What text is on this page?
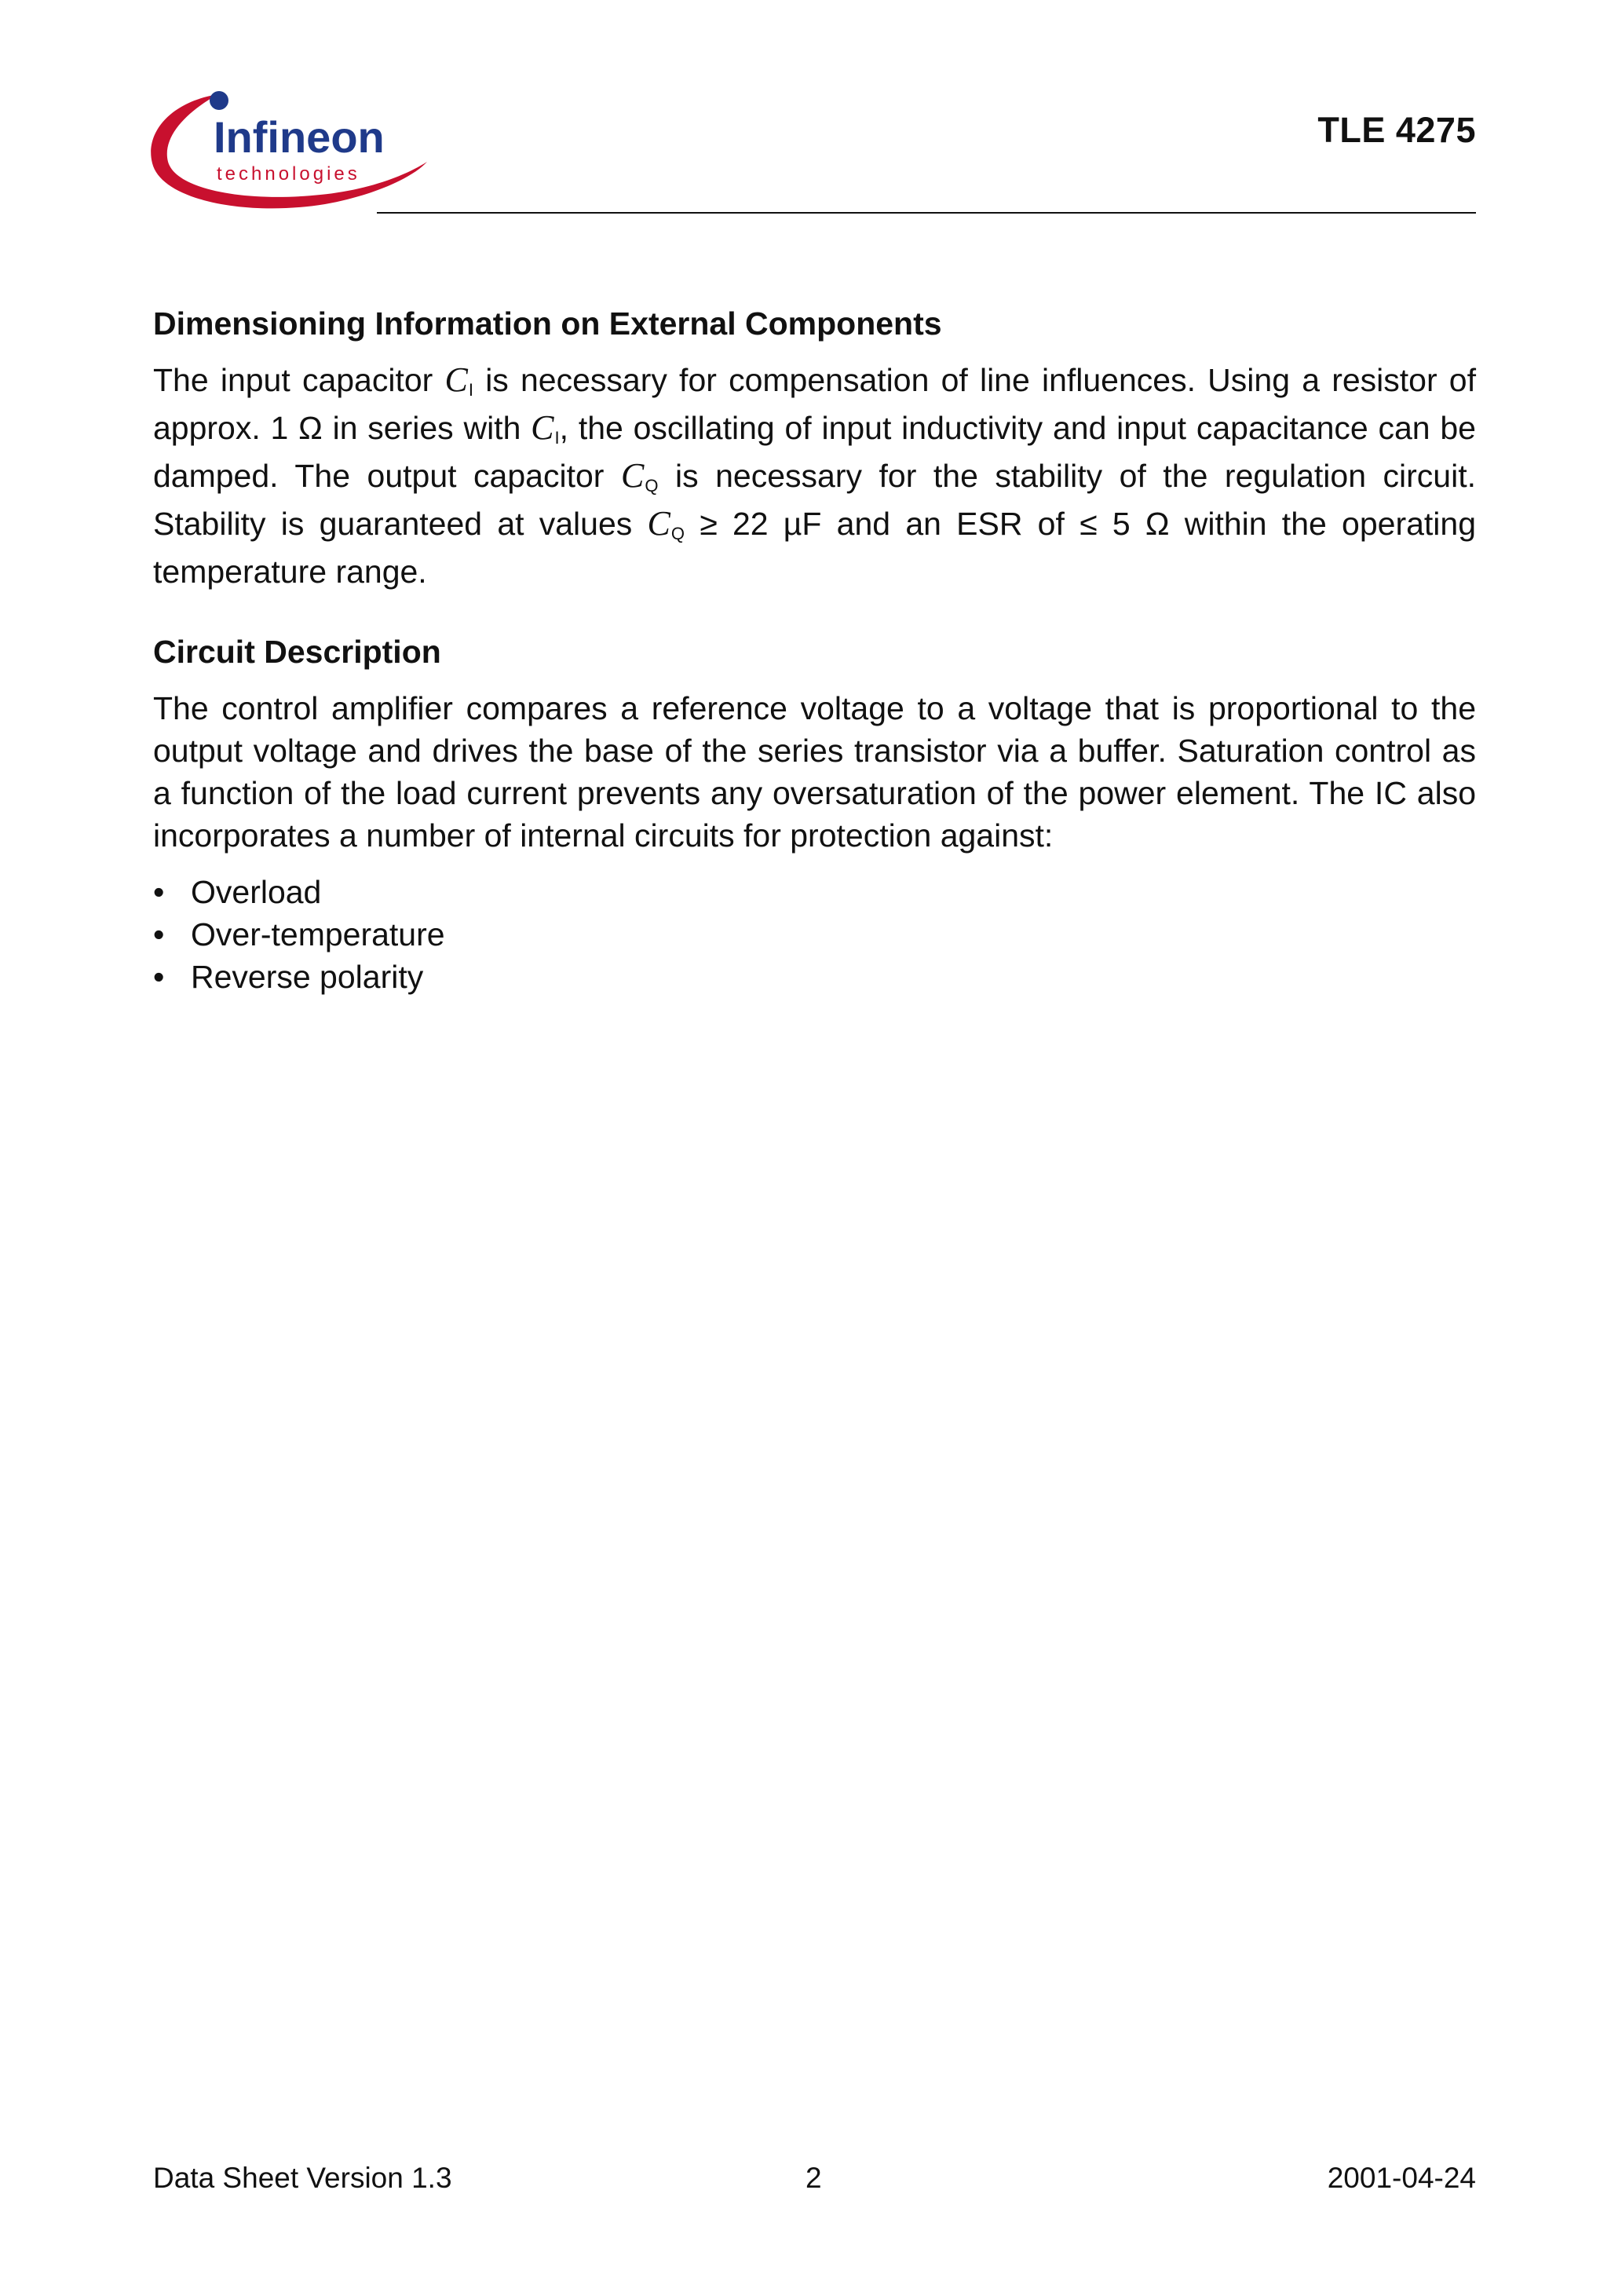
Infineon
technologies
TLE 4275
Dimensioning Information on External Components

The input capacitor CI is necessary for compensation of line influences. Using a resistor of approx. 1 Ω in series with CI, the oscillating of input inductivity and input capacitance can be damped. The output capacitor CQ is necessary for the stability of the regulation circuit. Stability is guaranteed at values CQ ≥ 22 µF and an ESR of ≤ 5 Ω within the operating temperature range.

Circuit Description

The control amplifier compares a reference voltage to a voltage that is proportional to the output voltage and drives the base of the series transistor via a buffer. Saturation control as a function of the load current prevents any oversaturation of the power element. The IC also incorporates a number of internal circuits for protection against:

• Overload
• Over-temperature
• Reverse polarity
Data Sheet Version 1.3	2	2001-04-24
